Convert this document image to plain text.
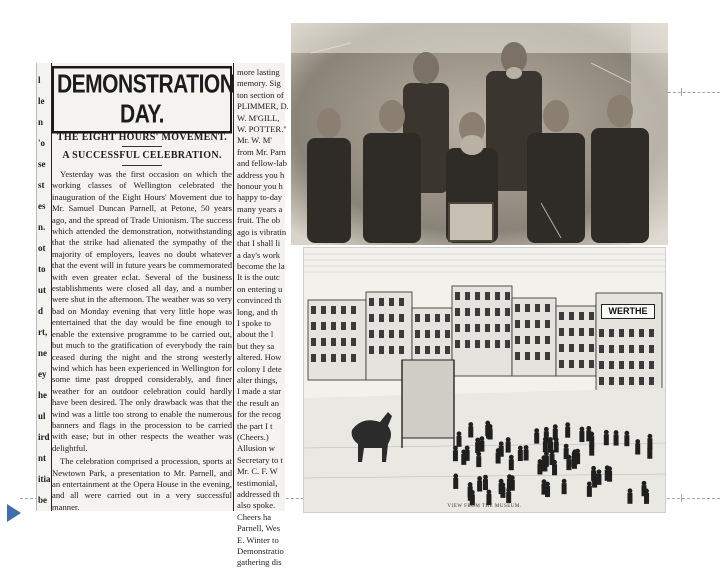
l
le
n
'o
se
st
es
n.
ot
to
ut
d
rt,
ne
ey
he
ul
ird
nt
itia
be
DEMONSTRATION DAY.
THE EIGHT HOURS' MOVEMENT.
A SUCCESSFUL CELEBRATION.

Yesterday was the first occasion on which the working classes of Wellington celebrated the inauguration of the Eight Hours' Movement due to Mr. Samuel Duncan Parnell, at Petone, 50 years ago, and the spread of Trade Unionism. The success which attended the demonstration, notwithstanding that the strike had alienated the sympathy of the majority of employers, leaves no doubt whatever that the event will in future years be commemorated with even greater eclat. Several of the business establishments were closed all day, and a number were shut in the afternoon. The weather was so very bad on Monday evening that very little hope was entertained that the day would be fine enough to enable the extensive programme to be carried out, but much to the gratification of everybody the rain ceased during the night and the strong westerly wind which has been experienced in Wellington for some time past dropped considerably, and finer weather for an outdoor celebration could hardly have been desired. The only drawback was that the wind was a little too strong to enable the numerous banners and flags in the procession to be carried with ease; but in other respects the weather was delightful.

The celebration comprised a procession, sports at Newtown Park, a presentation to Mr. Parnell, and an entertainment at the Opera House in the evening, and all were carried out in a very successful manner.

more lasting
memory. Sig
ton section of
PLIMMER, D.
W. M'GILL,
W. POTTER."
Mr. W. M'
from Mr. Parn
and fellow-lab
address you h
honour you h
happy to-day
many years a
fruit. The ob
ago is vibratin
that I shall li
a day's work
become the la
It is the outc
on entering u
convinced th
long, and th
I spoke to
about the l
but they sa
altered. How
colony I dete
alter things,
I made a star
the result an
for the recog
the part I t
(Cheers.)
Allusion w
Secretary to t
Mr. C. F. W
testimonial,
addressed th
also spoke.
Cheers ha
Parnell, Wes
E. Winter to
Demonstratio
gathering dis
WERTHE
VIEW FROM THE MUSEUM.
